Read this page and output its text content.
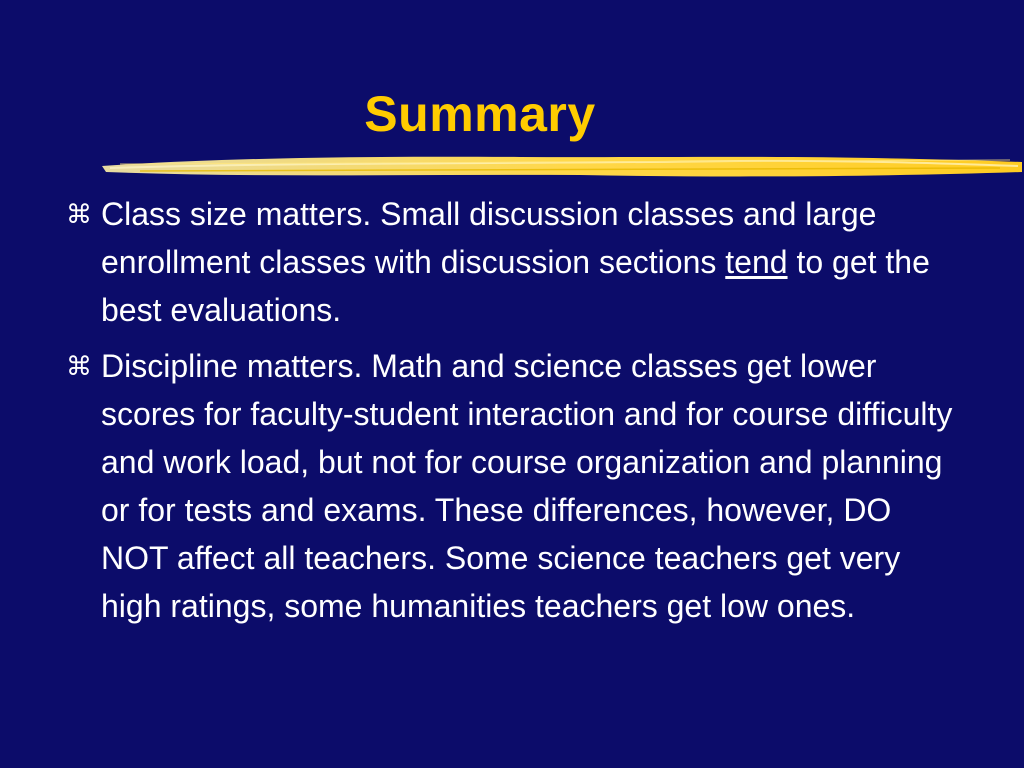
Summary
⌘ Class size matters. Small discussion classes and large enrollment classes with discussion sections tend to get the best evaluations.
⌘ Discipline matters. Math and science classes get lower scores for faculty-student interaction and for course difficulty and work load, but not for course organization and planning or for tests and exams. These differences, however, DO NOT affect all teachers. Some science teachers get very high ratings, some humanities teachers get low ones.
